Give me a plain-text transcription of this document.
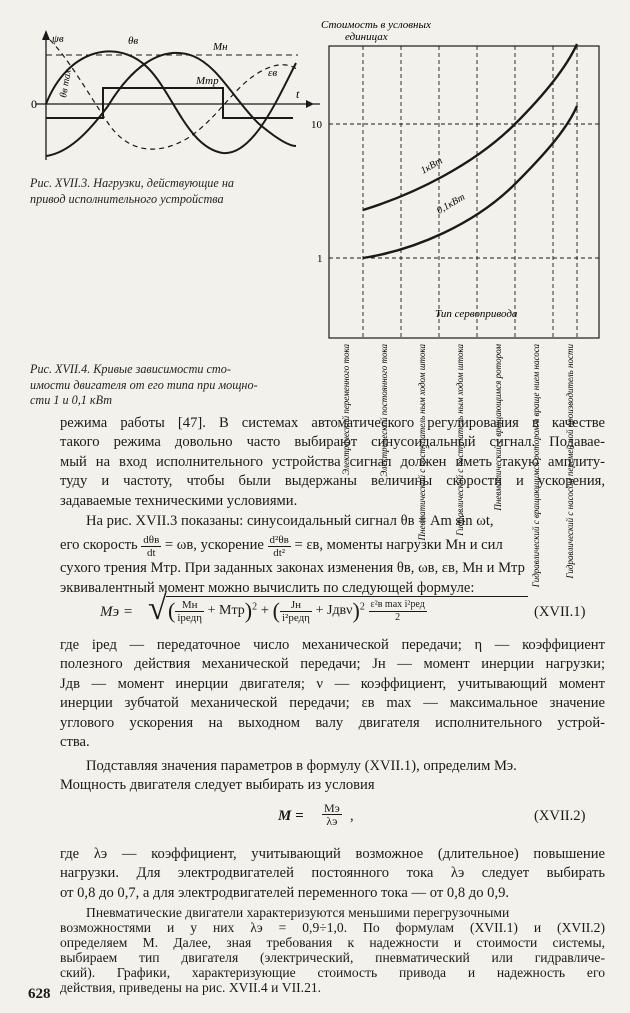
ψв	θв	Мн
εв
Мтр
θв max
0
t
Рис. XVII.3. Нагрузки, действующие на
привод исполнительного устройства
Стоимость в условных
единицах
10
1
1кВт
0,1кВт
Тип сервопривода
Электрический переменного тока	Электрический постоянного тока	Пневматический с поступатель ным ходом штока	Гидравлический с поступатель ным ходом штока	Пневматический с вращающимся ротором	Гидравлический с вращающимся ротором и враще нием насоса	Гидравлический с насосом перемен ной производитель ности
Рис. XVII.4. Кривые зависимости сто-
имости двигателя от его типа при мощно-
сти 1 и 0,1 кВт
режима работы [47]. В системах автоматического регулирования в качестве
такого режима довольно часто выбирают синусоидальный сигнал. Подавае-
мый на вход исполнительного устройства сигнал должен иметь такую амплиту-
туду и частоту, чтобы были выдержаны величины скорости и ускорения,
задаваемые техническими условиями.
На рис. XVII.3 показаны: синусоидальный сигнал θв = Am sin ωt,
его скорость $\frac{\text{dθв}}{dt} = \omega в$, ускорение $\frac{\text{d²θв}}{\text{dt²}} = \varepsilon в$, моменты нагрузки Мн и сил
сухого трения Мтр. При заданных законах изменения θв, ωв, εв, Мн и Мтр
эквивалентный момент можно вычислить по следующей формуле:
Мэ = √ ( $\frac{Мн}{\text{iредη}} + Мтр)^2$ + ( $\frac{Jн}{\text{i²редη}} + Jдв\nu)^2 \frac{\text{ε²в max i²ред}}{2}$	(XVII.1)
где iред — передаточное число механической передачи; η — коэффициент
полезного действия механической передачи; Jн — момент инерции нагрузки;
Jдв — момент инерции двигателя; ν — коэффициент, учитывающий момент
инерции зубчатой механической передачи; εв max — максимальное значение
углового ускорения на выходном валу двигателя исполнительного устрой-
ства.
Подставляя значения параметров в формулу (XVII.1), определим Мэ.
Мощность двигателя следует выбирать из условия
М = Мэ
λэ ,	(XVII.2)
где λэ — коэффициент, учитывающий возможное (длительное) повышение
нагрузки. Для электродвигателей постоянного тока λэ следует выбирать
от 0,8 до 0,7, а для электродвигателей переменного тока — от 0,8 до 0,9.
Пневматические двигатели характеризуются меньшими перегрузочными
возможностями и у них λэ = 0,9÷1,0. По формулам (XVII.1) и (XVII.2)
определяем М. Далее, зная требования к надежности и стоимости системы,
выбираем тип двигателя (электрический, пневматический или гидравличе-
ский). Графики, характеризующие стоимость привода и надежность его
действия, приведены на рис. XVII.4 и VII.21.
628
